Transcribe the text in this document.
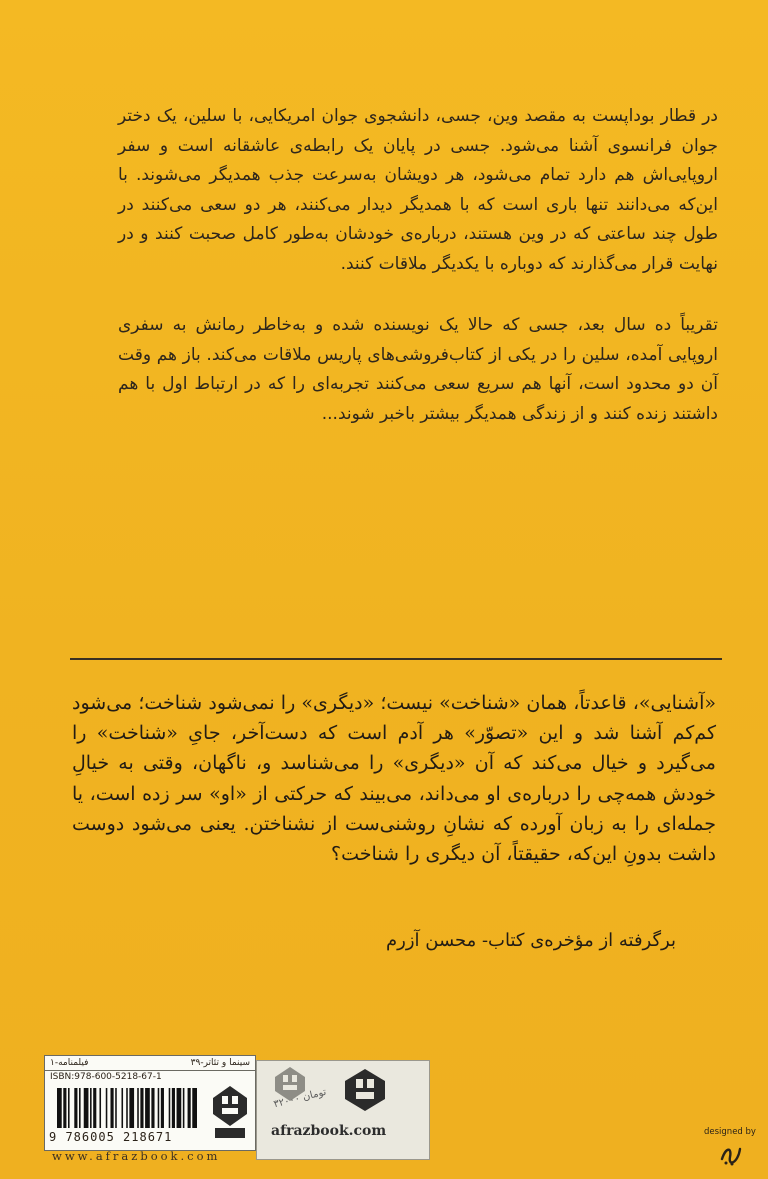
در قطار بوداپست به مقصد وین، جسی، دانشجوی جوان امریکایی، با سلین، یک دختر جوان فرانسوی آشنا می‌شود. جسی در پایان یک رابطه‌ی عاشقانه است و سفر اروپایی‌اش هم دارد تمام می‌شود، هر دویشان به‌سرعت جذب همدیگر می‌شوند. با این‌که می‌دانند تنها باری است که با همدیگر دیدار می‌کنند، هر دو سعی می‌کنند در طول چند ساعتی که در وین هستند، درباره‌ی خودشان به‌طور کامل صحبت کنند و در نهایت قرار می‌گذارند که دوباره با یکدیگر ملاقات کنند.

تقریباً ده سال بعد، جسی که حالا یک نویسنده شده و به‌خاطر رمانش به سفری اروپایی آمده، سلین را در یکی از کتاب‌فروشی‌های پاریس ملاقات می‌کند. باز هم وقت آن دو محدود است، آنها هم سریع سعی می‌کنند تجربه‌ای را که در ارتباط اول با هم داشتند زنده کنند و از زندگی همدیگر بیشتر باخبر شوند...

«آشنایی»، قاعدتاً، همان «شناخت» نیست؛ «دیگری» را نمی‌شود شناخت؛ می‌شود کم‌کم آشنا شد و این «تصوّر» هر آدم است که دست‌آخر، جایِ «شناخت» را می‌گیرد و خیال می‌کند که آن «دیگری» را می‌شناسد و، ناگهان، وقتی به خیالِ خودش همه‌چی را درباره‌ی او می‌داند، می‌بیند که حرکتی از «او» سر زده است، یا جمله‌ای را به زبان آورده که نشانِ روشنی‌ست از نشناختن. یعنی می‌شود دوست داشت بدونِ این‌که، حقیقتاً، آن دیگری را شناخت؟
برگرفته از مؤخره‌ی کتاب- محسن آزرم
سینما و تئاتر-۳۹
فیلمنامه-۱
ISBN:978-600-5218-67-1
9 786005 218671
www.afrazbook.com
۳۲۰۰۰ تومان
afrazbook.com	designed by
